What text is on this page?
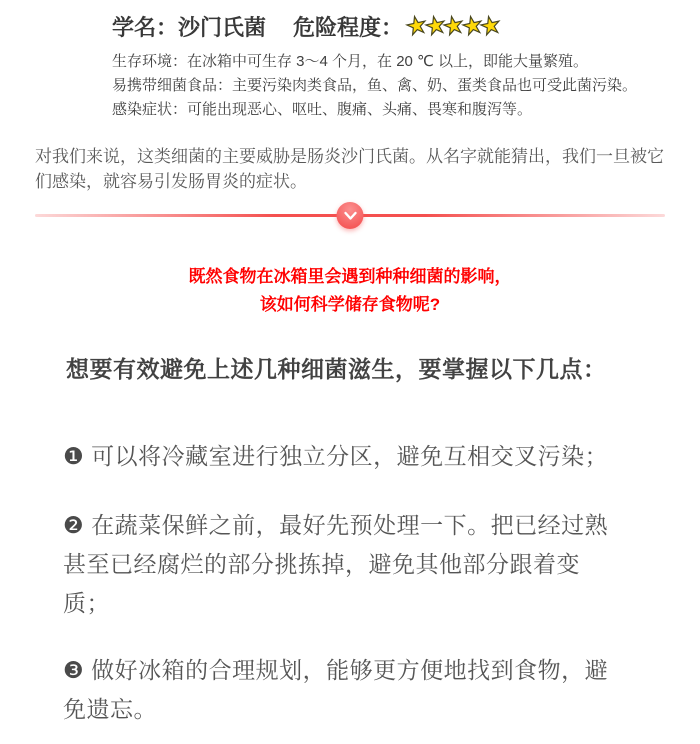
学名：沙门氏菌 危险程度： ★★★★★

生存环境：在冰箱中可生存 3～4 个月，在 20 ℃ 以上，即能大量繁殖。

易携带细菌食品：主要污染肉类食品，鱼、禽、奶、蛋类食品也可受此菌污染。

感染症状：可能出现恶心、呕吐、腹痛、头痛、畏寒和腹泻等。

对我们来说，这类细菌的主要威胁是肠炎沙门氏菌。从名字就能猜出，我们一旦被它们感染，就容易引发肠胃炎的症状。

既然食物在冰箱里会遇到种种细菌的影响，

该如何科学储存食物呢?

想要有效避免上述几种细菌滋生，要掌握以下几点：
❶ 可以将冷藏室进行独立分区，避免互相交叉污染；
❷ 在蔬菜保鲜之前，最好先预处理一下。把已经过熟甚至已经腐烂的部分挑拣掉，避免其他部分跟着变质；
❸ 做好冰箱的合理规划，能够更方便地找到食物，避免遗忘。
